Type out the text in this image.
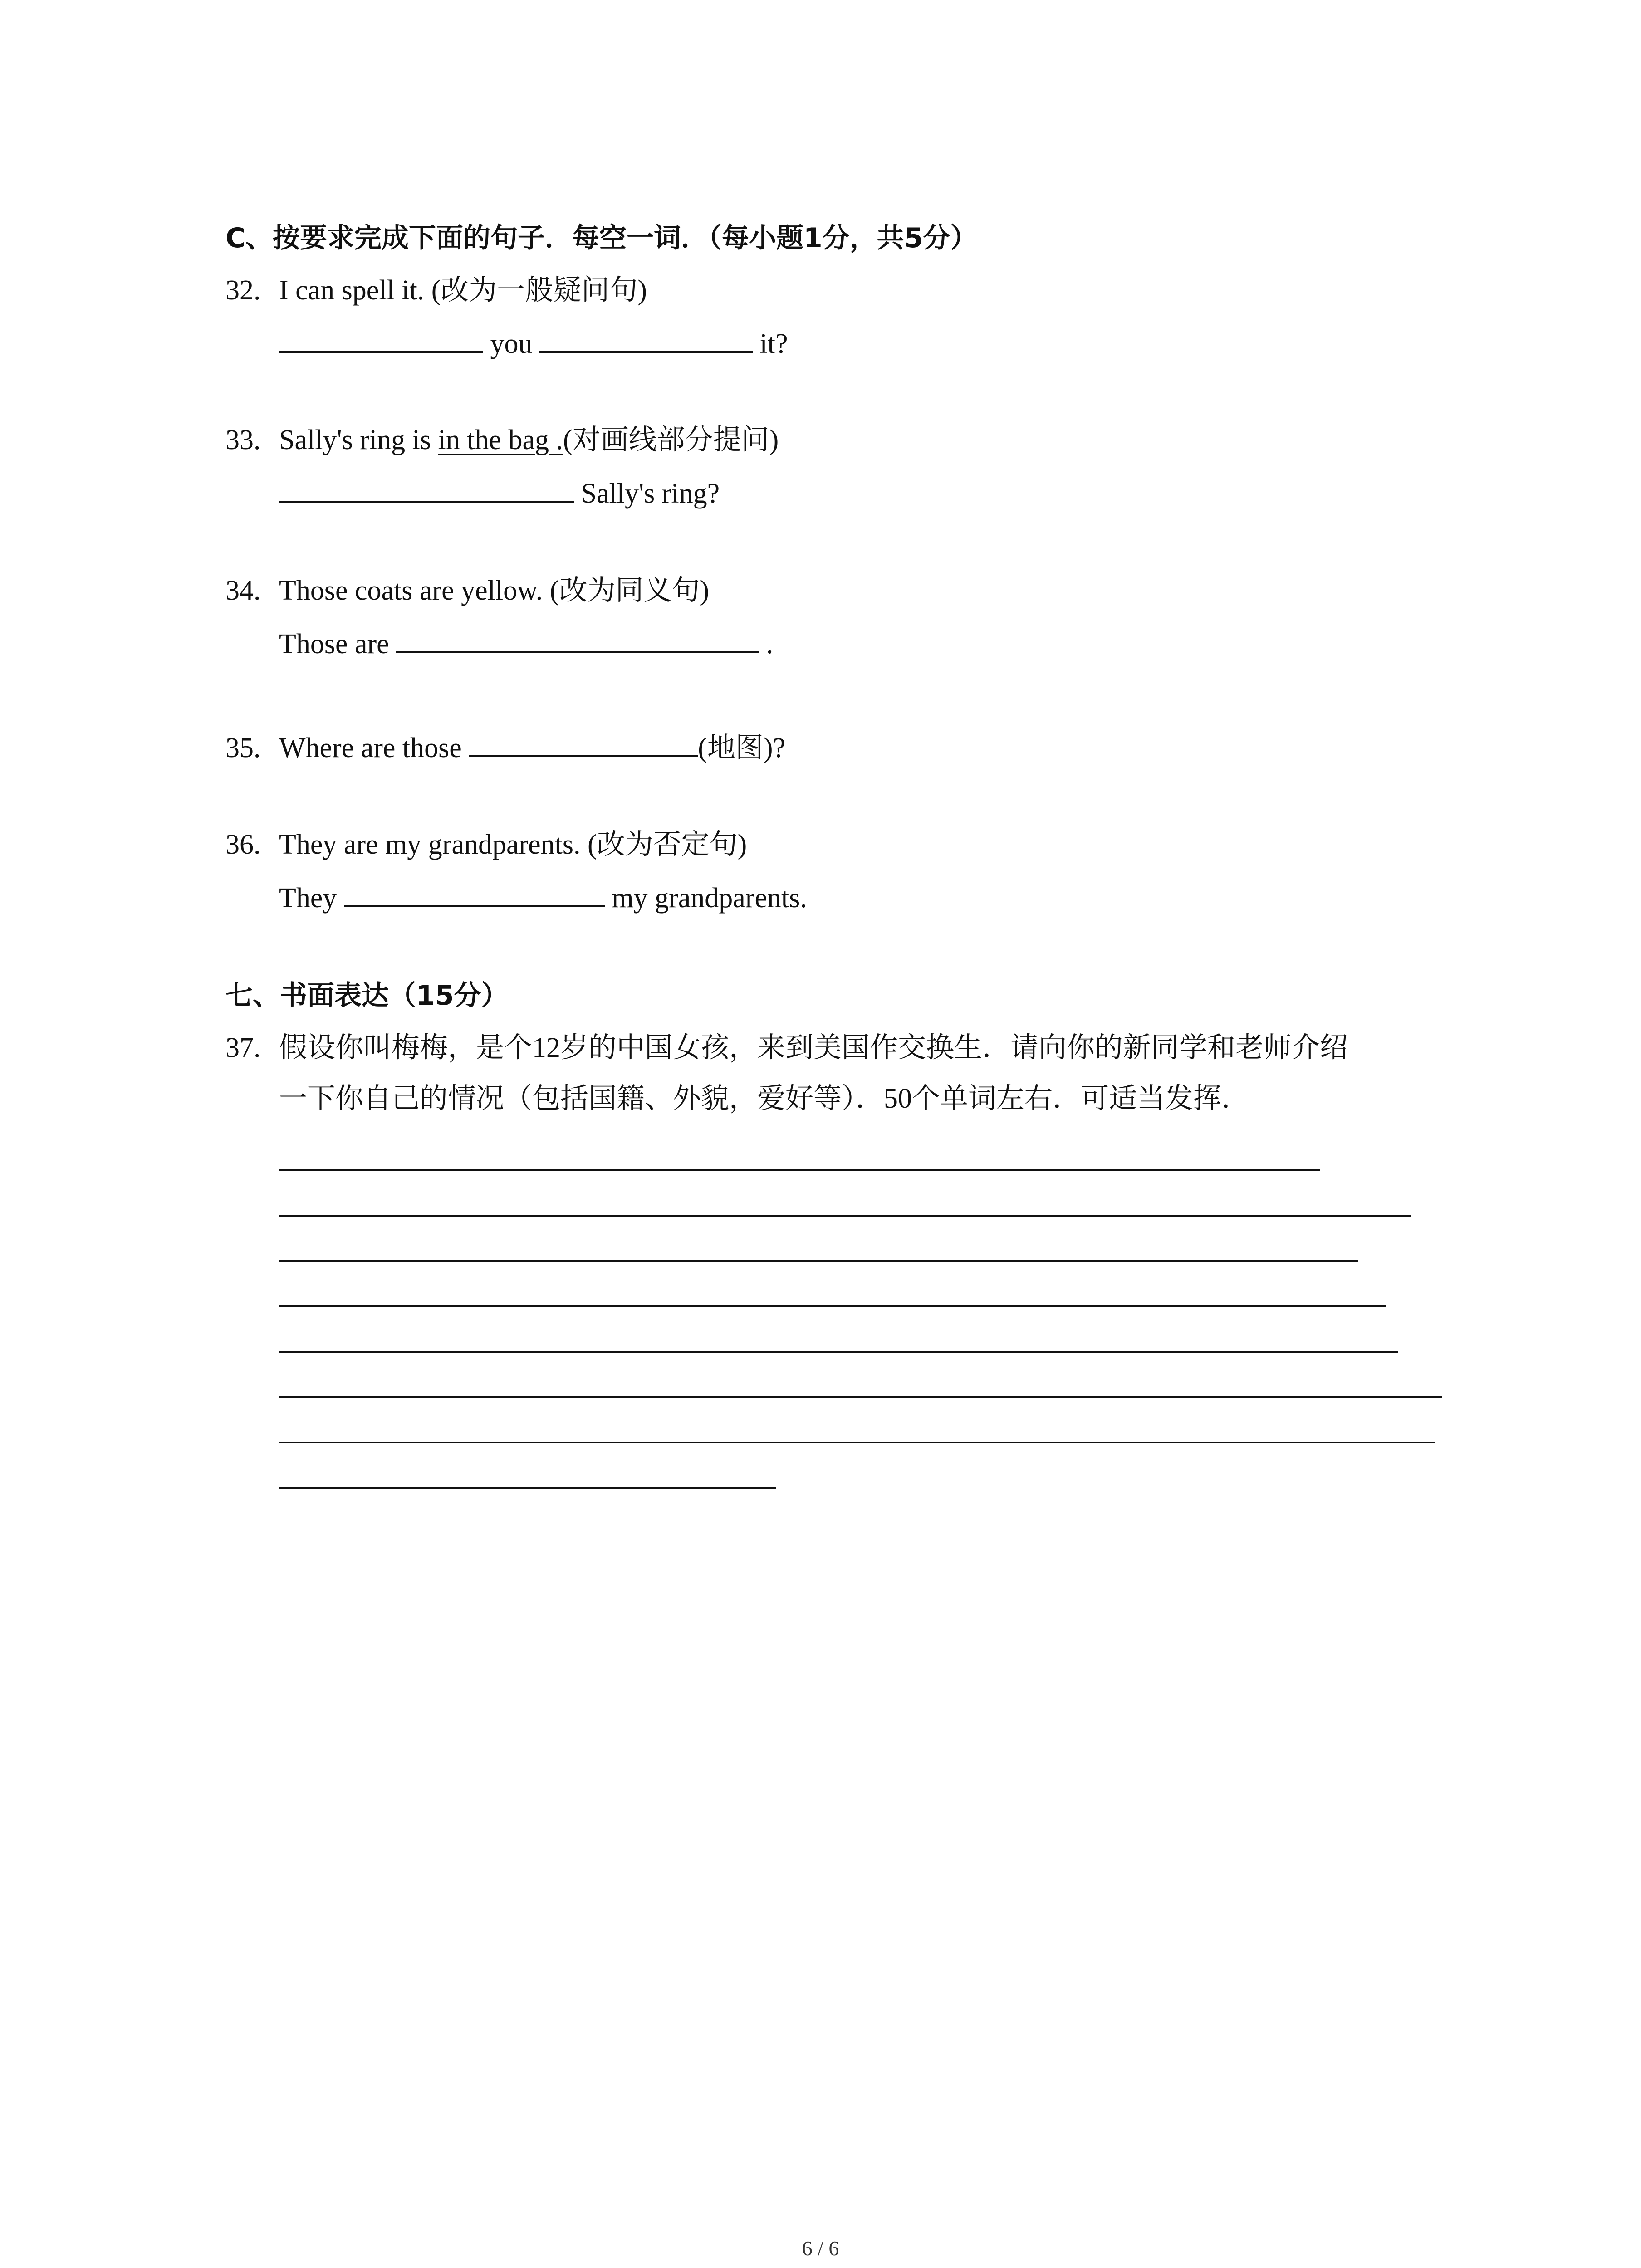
C、按要求完成下面的句子．每空一词．（每小题1分，共5分）
32. I can spell it. (改为一般疑问句)
you	it?
33. Sally's ring is in the bag .(对画线部分提问)
Sally's ring?
34. Those coats are yellow. (改为同义句)
Those are	.
35. Where are those	(地图)?
36. They are my grandparents. (改为否定句)
They	my grandparents.
七、书面表达（15分）
37. 假设你叫梅梅，是个12岁的中国女孩，来到美国作交换生．请向你的新同学和老师介绍
一下你自己的情况（包括国籍、外貌，爱好等）．50个单词左右．可适当发挥．
6 / 6
